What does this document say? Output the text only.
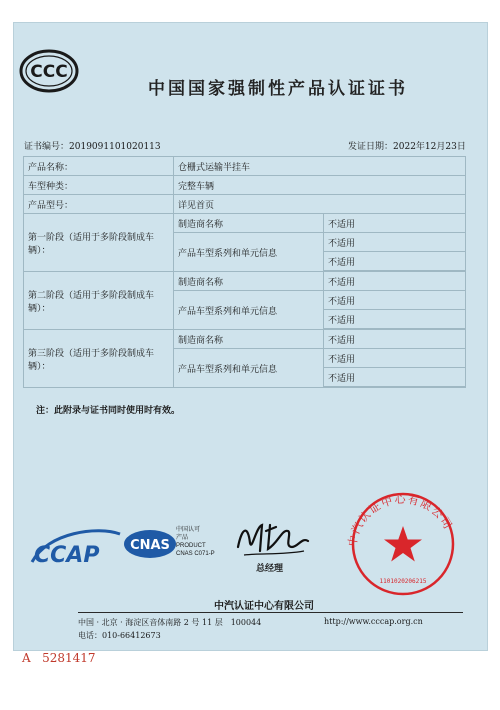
CCC
中国国家强制性产品认证证书
证书编号：2019091101020113	发证日期：2022年12月23日
产品名称：	仓栅式运输半挂车	
车型种类：	完整车辆	
产品型号：	详见首页	
第一阶段（适用于多阶段制成车辆）：	制造商名称	不适用
	产品车型系列和单元信息	不适用
		不适用

第二阶段（适用于多阶段制成车辆）：	制造商名称	不适用
	产品车型系列和单元信息	不适用
		不适用

第三阶段（适用于多阶段制成车辆）：	制造商名称	不适用
	产品车型系列和单元信息	不适用
		不适用

注：此附录与证书同时使用时有效。
CCAP CNAS
中国认可
产品
PRODUCT
CNAS C071-P
总经理
中汽认证中心有限公司
1101020206215
中汽认证中心有限公司
中国 · 北京 · 海淀区音体南路 2 号 11 层　100044	http://www.cccap.org.cn
电话：010-66412673
A 5281417
